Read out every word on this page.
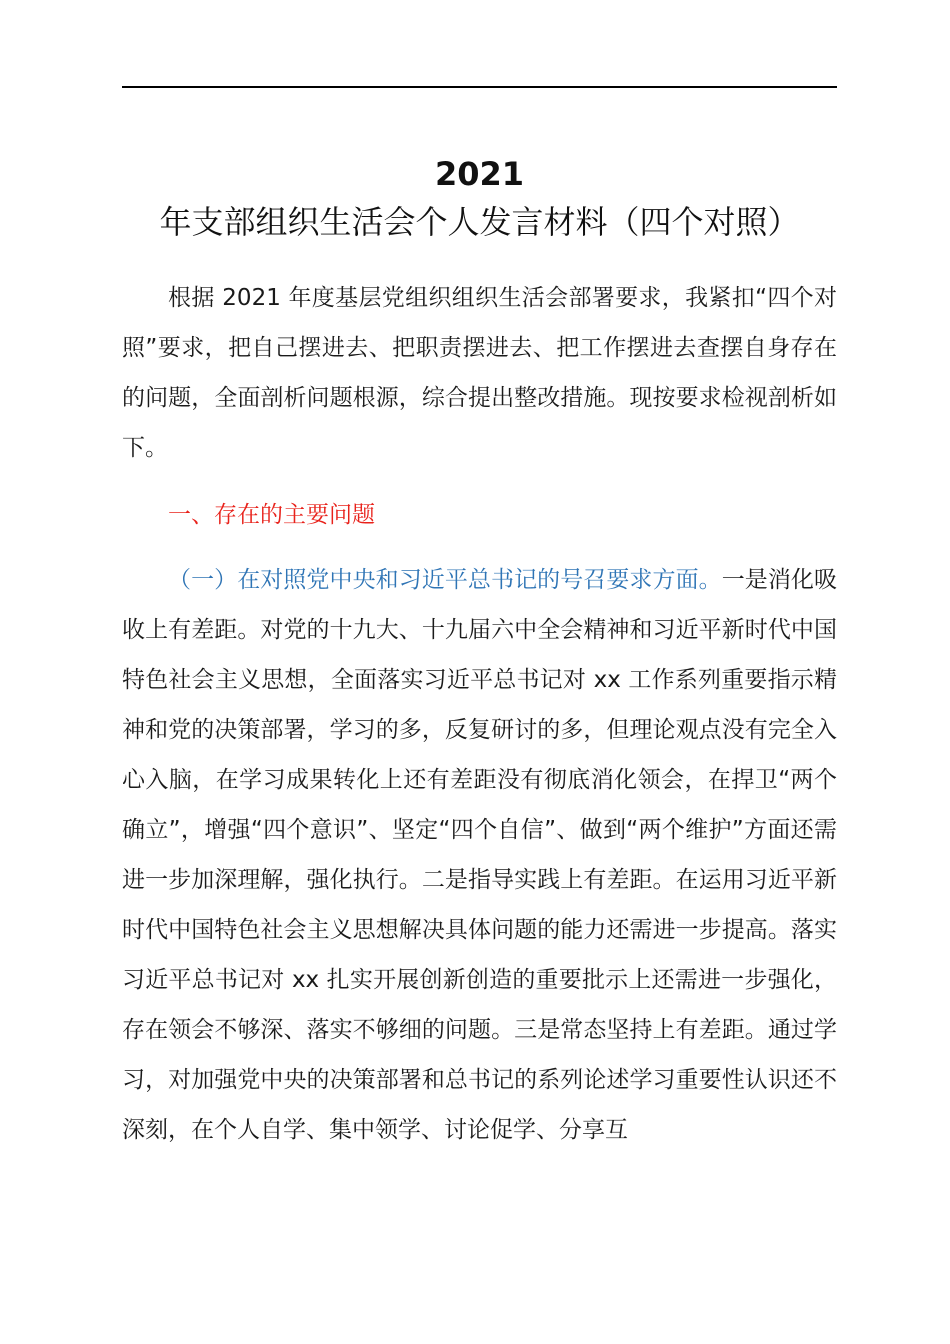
2021 年支部组织生活会个人发言材料（四个对照）

根据 2021 年度基层党组织组织生活会部署要求，我紧扣“四个对照”要求，把自己摆进去、把职责摆进去、把工作摆进去查摆自身存在的问题，全面剖析问题根源，综合提出整改措施。现按要求检视剖析如下。

一、存在的主要问题

（一）在对照党中央和习近平总书记的号召要求方面。一是消化吸收上有差距。对党的十九大、十九届六中全会精神和习近平新时代中国特色社会主义思想，全面落实习近平总书记对 xx 工作系列重要指示精神和党的决策部署，学习的多，反复研讨的多，但理论观点没有完全入心入脑，在学习成果转化上还有差距没有彻底消化领会，在捍卫“两个确立”，增强“四个意识”、坚定“四个自信”、做到“两个维护”方面还需进一步加深理解，强化执行。二是指导实践上有差距。在运用习近平新时代中国特色社会主义思想解决具体问题的能力还需进一步提高。落实习近平总书记对 xx 扎实开展创新创造的重要批示上还需进一步强化，存在领会不够深、落实不够细的问题。三是常态坚持上有差距。通过学习，对加强党中央的决策部署和总书记的系列论述学习重要性认识还不深刻，在个人自学、集中领学、讨论促学、分享互
